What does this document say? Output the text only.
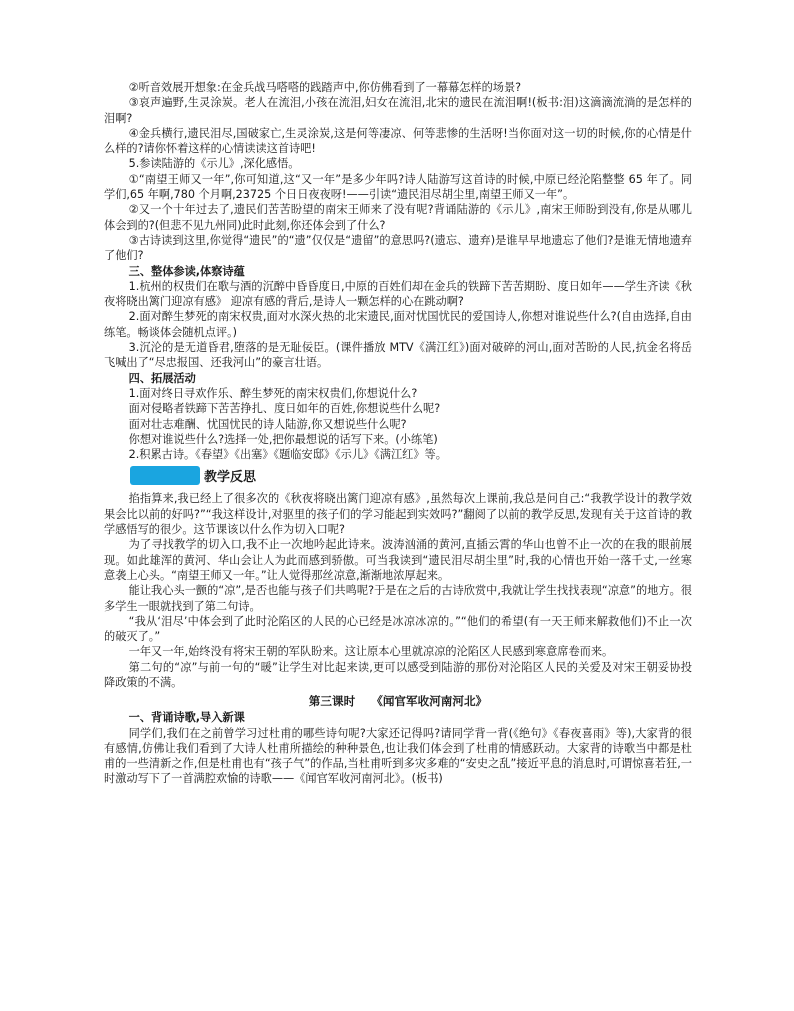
②听音效展开想象:在金兵战马嗒嗒的践踏声中,你仿佛看到了一幕幕怎样的场景?

③哀声遍野,生灵涂炭。老人在流泪,小孩在流泪,妇女在流泪,北宋的遗民在流泪啊!(板书:泪)这滴滴流淌的是怎样的泪啊?

④金兵横行,遗民泪尽,国破家亡,生灵涂炭,这是何等凄凉、何等悲惨的生活呀!当你面对这一切的时候,你的心情是什么样的?请你怀着这样的心情读读这首诗吧!

5.参读陆游的《示儿》,深化感悟。

①“南望王师又一年”,你可知道,这“又一年”是多少年吗?诗人陆游写这首诗的时候,中原已经沦陷整整 65 年了。同学们,65 年啊,780 个月啊,23725 个日日夜夜呀!——引读“遗民泪尽胡尘里,南望王师又一年”。

②又一个十年过去了,遗民们苦苦盼望的南宋王师来了没有呢?背诵陆游的《示儿》,南宋王师盼到没有,你是从哪儿体会到的?(但悲不见九州同)此时此刻,你还体会到了什么?

③古诗读到这里,你觉得“遗民”的“遗”仅仅是“遗留”的意思吗?(遗忘、遗弃)是谁早早地遗忘了他们?是谁无情地遗弃了他们?

三、整体参读,体察诗蕴

1.杭州的权贵们在歌与酒的沉醉中昏昏度日,中原的百姓们却在金兵的铁蹄下苦苦期盼、度日如年——学生齐读《秋夜将晓出篱门迎凉有感》 迎凉有感的背后,是诗人一颗怎样的心在跳动啊?

2.面对醉生梦死的南宋权贵,面对水深火热的北宋遗民,面对忧国忧民的爱国诗人,你想对谁说些什么?(自由选择,自由练笔。畅谈体会随机点评。)

3.沉沦的是无道昏君,堕落的是无耻佞臣。(课件播放 MTV《满江红》)面对破碎的河山,面对苦盼的人民,抗金名将岳飞喊出了“尽忠报国、还我河山”的豪言壮语。

四、拓展活动

1.面对终日寻欢作乐、醉生梦死的南宋权贵们,你想说什么?

面对侵略者铁蹄下苦苦挣扎、度日如年的百姓,你想说些什么呢?

面对壮志难酬、忧国忧民的诗人陆游,你又想说些什么呢?

你想对谁说些什么?选择一处,把你最想说的话写下来。(小练笔)

2.积累古诗。《春望》《出塞》《题临安邸》《示儿》《满江红》等。

教学反思

掐指算来,我已经上了很多次的《秋夜将晓出篱门迎凉有感》,虽然每次上课前,我总是问自己:“我教学设计的教学效果会比以前的好吗?”“我这样设计,对驱里的孩子们的学习能起到实效吗?”翻阅了以前的教学反思,发现有关于这首诗的教学感悟写的很少。这节课该以什么作为切入口呢?

为了寻找教学的切入口,我不止一次地吟起此诗来。波涛汹涌的黄河,直插云霄的华山也曾不止一次的在我的眼前展现。如此雄浑的黄河、华山会让人为此而感到骄傲。可当我读到“遗民泪尽胡尘里”时,我的心情也开始一落千丈,一丝寒意袭上心头。“南望王师又一年。”让人觉得那丝凉意,渐渐地浓厚起来。

能让我心头一颤的“凉”,是否也能与孩子们共鸣呢?于是在之后的古诗欣赏中,我就让学生找找表现“凉意”的地方。很多学生一眼就找到了第二句诗。

“我从‘泪尽’中体会到了此时沦陷区的人民的心已经是冰凉冰凉的。”“他们的希望(有一天王师来解救他们)不止一次的破灭了。”

一年又一年,始终没有将宋王朝的军队盼来。这让原本心里就凉凉的沦陷区人民感到寒意席卷而来。

第二句的“凉”与前一句的“暖”让学生对比起来读,更可以感受到陆游的那份对沦陷区人民的关爱及对宋王朝妥协投降政策的不满。

第三课时 《闻官军收河南河北》

一、背诵诗歌,导入新课

同学们,我们在之前曾学习过杜甫的哪些诗句呢?大家还记得吗?请同学背一背(《绝句》《春夜喜雨》等),大家背的很有感情,仿佛让我们看到了大诗人杜甫所描绘的种种景色,也让我们体会到了杜甫的情感跃动。大家背的诗歌当中都是杜甫的一些清新之作,但是杜甫也有“孩子气”的作品,当杜甫听到多灾多难的“安史之乱”接近平息的消息时,可谓惊喜若狂,一时激动写下了一首满腔欢愉的诗歌——《闻官军收河南河北》。(板书)
